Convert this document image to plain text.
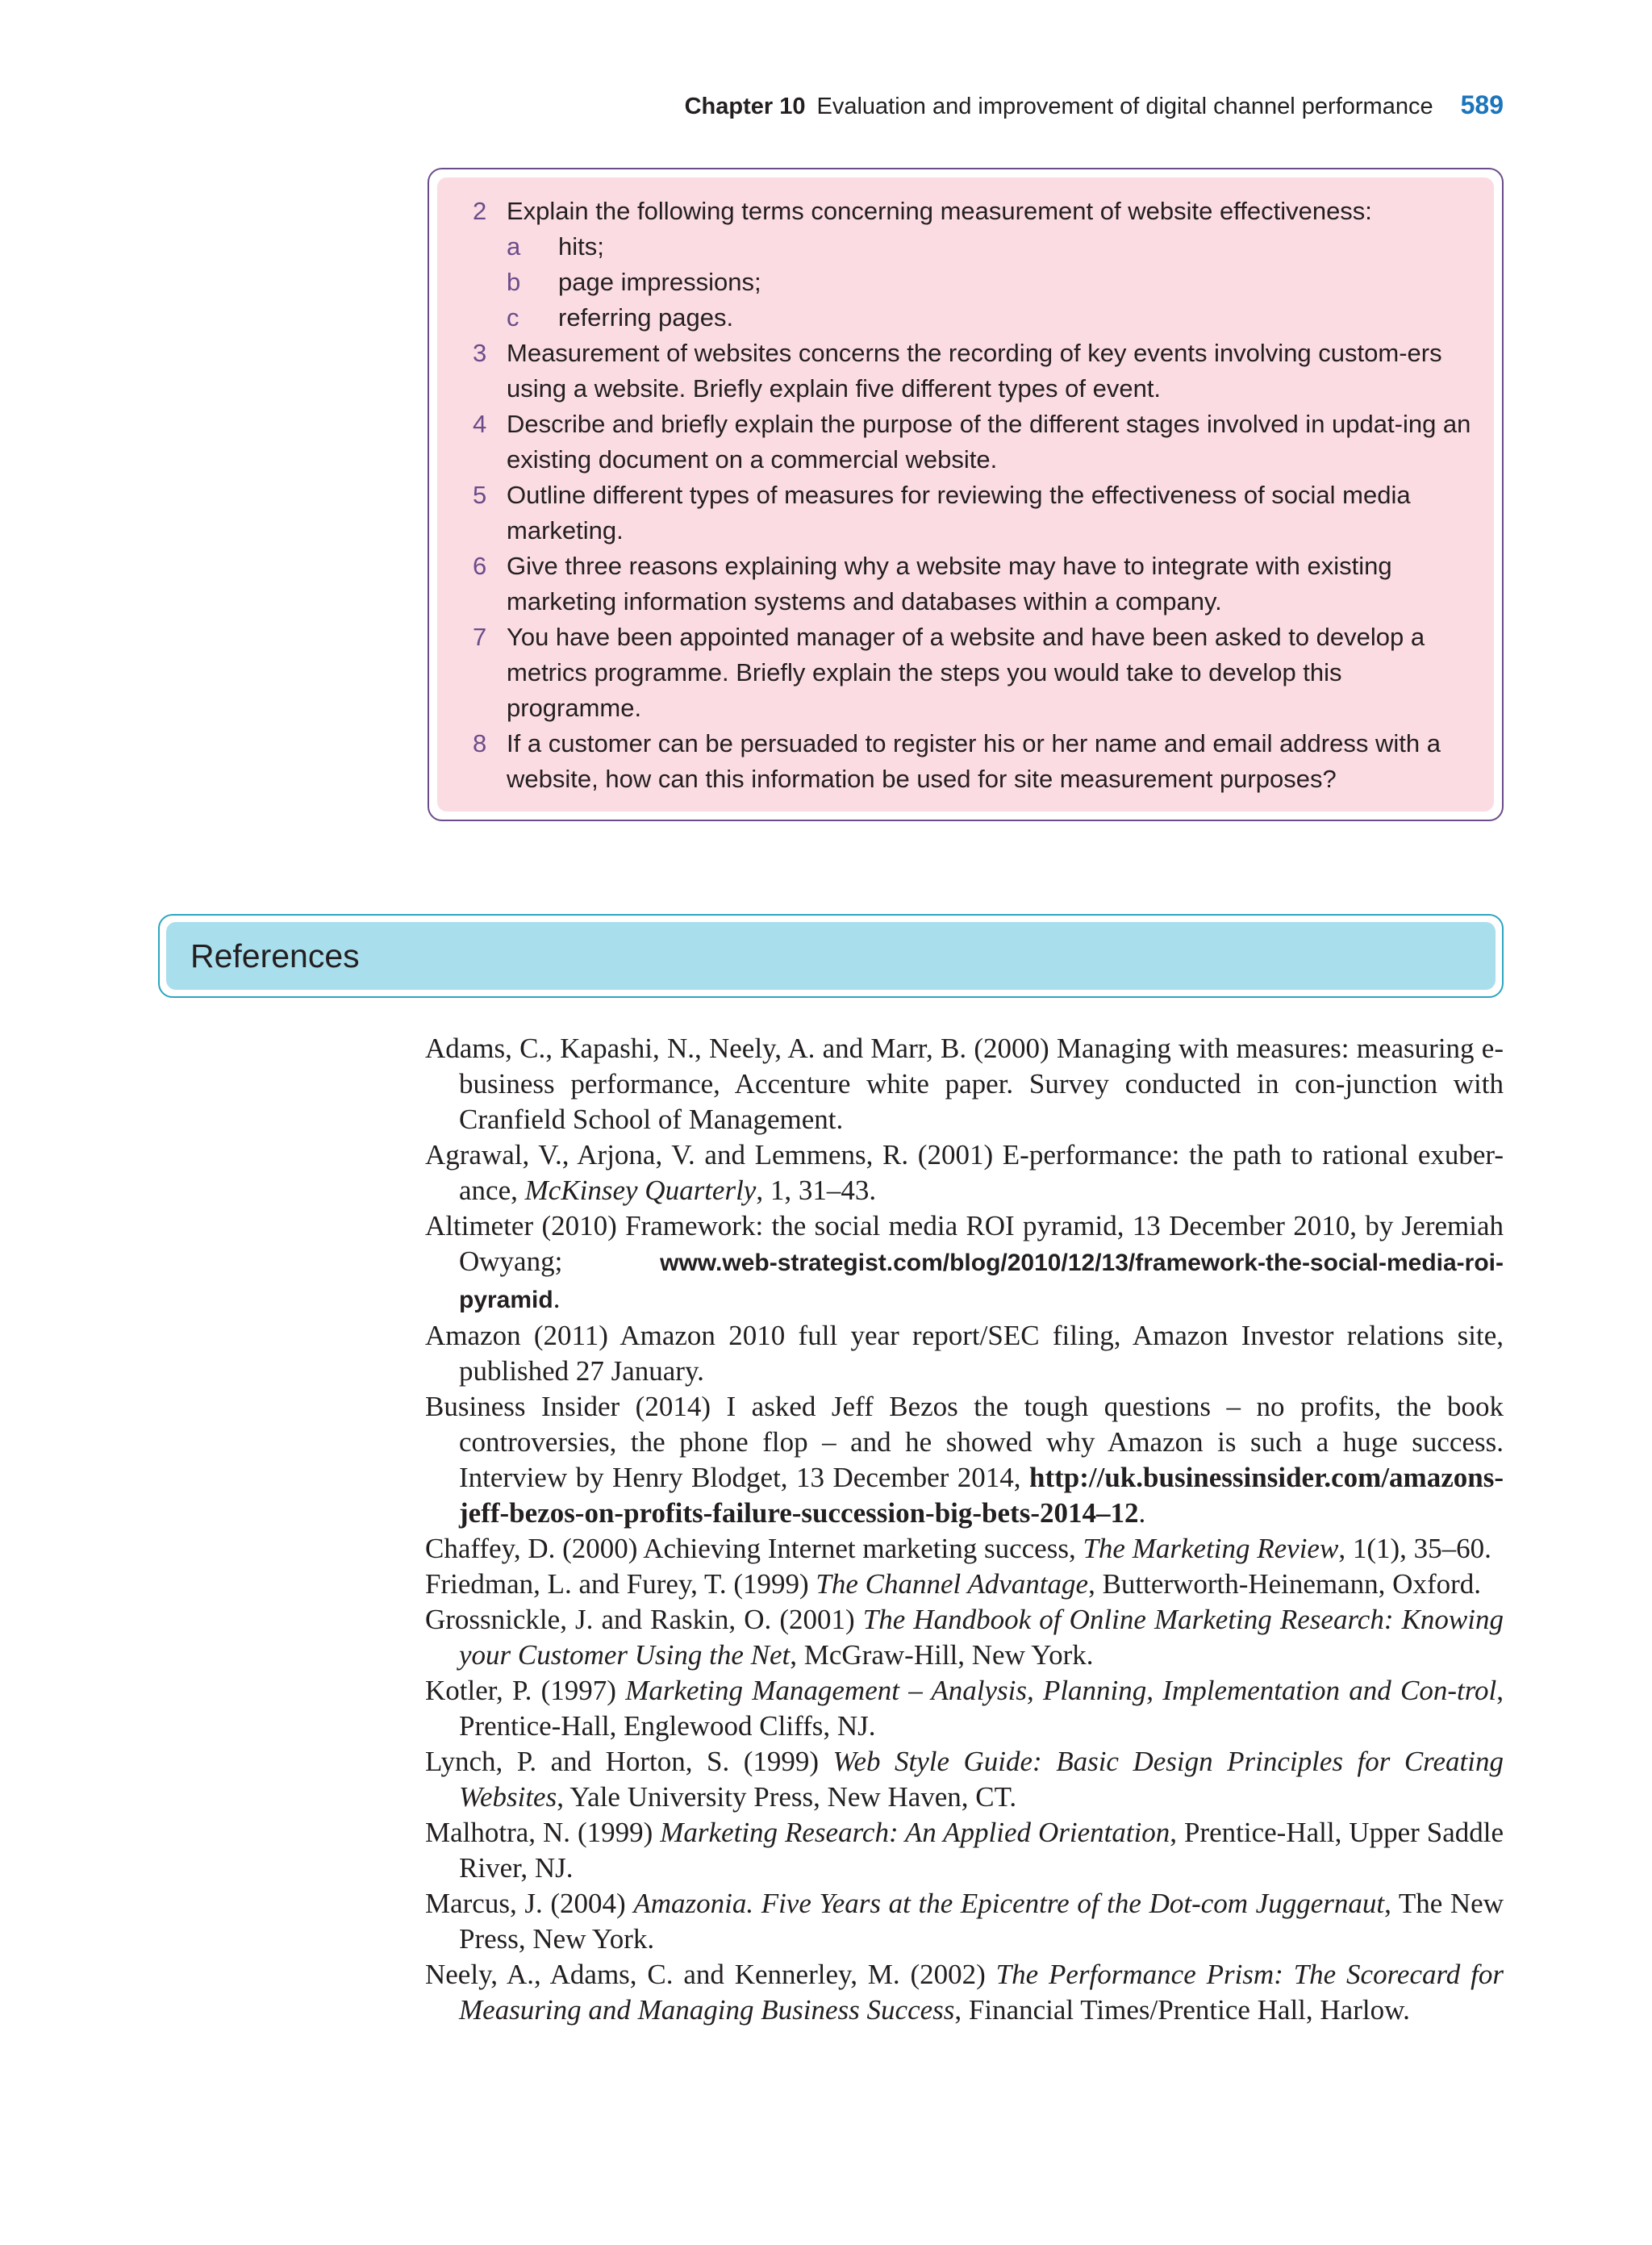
Chapter 10 Evaluation and improvement of digital channel performance 589
2 Explain the following terms concerning measurement of website effectiveness:
a hits;
b page impressions;
c referring pages.
3 Measurement of websites concerns the recording of key events involving custom-ers using a website. Briefly explain five different types of event.
4 Describe and briefly explain the purpose of the different stages involved in updat-ing an existing document on a commercial website.
5 Outline different types of measures for reviewing the effectiveness of social media marketing.
6 Give three reasons explaining why a website may have to integrate with existing marketing information systems and databases within a company.
7 You have been appointed manager of a website and have been asked to develop a metrics programme. Briefly explain the steps you would take to develop this programme.
8 If a customer can be persuaded to register his or her name and email address with a website, how can this information be used for site measurement purposes?
References
Adams, C., Kapashi, N., Neely, A. and Marr, B. (2000) Managing with measures: measuring e-business performance, Accenture white paper. Survey conducted in con-junction with Cranfield School of Management.
Agrawal, V., Arjona, V. and Lemmens, R. (2001) E-performance: the path to rational exuber-ance, McKinsey Quarterly, 1, 31–43.
Altimeter (2010) Framework: the social media ROI pyramid, 13 December 2010, by Jeremiah Owyang; www.web-strategist.com/blog/2010/12/13/framework-the-social-media-roi-pyramid.
Amazon (2011) Amazon 2010 full year report/SEC filing, Amazon Investor relations site, published 27 January.
Business Insider (2014) I asked Jeff Bezos the tough questions – no profits, the book controversies, the phone flop – and he showed why Amazon is such a huge success. Interview by Henry Blodget, 13 December 2014, http://uk.businessinsider.com/amazons-jeff-bezos-on-profits-failure-succession-big-bets-2014–12.
Chaffey, D. (2000) Achieving Internet marketing success, The Marketing Review, 1(1), 35–60.
Friedman, L. and Furey, T. (1999) The Channel Advantage, Butterworth-Heinemann, Oxford.
Grossnickle, J. and Raskin, O. (2001) The Handbook of Online Marketing Research: Knowing your Customer Using the Net, McGraw-Hill, New York.
Kotler, P. (1997) Marketing Management – Analysis, Planning, Implementation and Con-trol, Prentice-Hall, Englewood Cliffs, NJ.
Lynch, P. and Horton, S. (1999) Web Style Guide: Basic Design Principles for Creating Websites, Yale University Press, New Haven, CT.
Malhotra, N. (1999) Marketing Research: An Applied Orientation, Prentice-Hall, Upper Saddle River, NJ.
Marcus, J. (2004) Amazonia. Five Years at the Epicentre of the Dot-com Juggernaut, The New Press, New York.
Neely, A., Adams, C. and Kennerley, M. (2002) The Performance Prism: The Scorecard for Measuring and Managing Business Success, Financial Times/Prentice Hall, Harlow.
